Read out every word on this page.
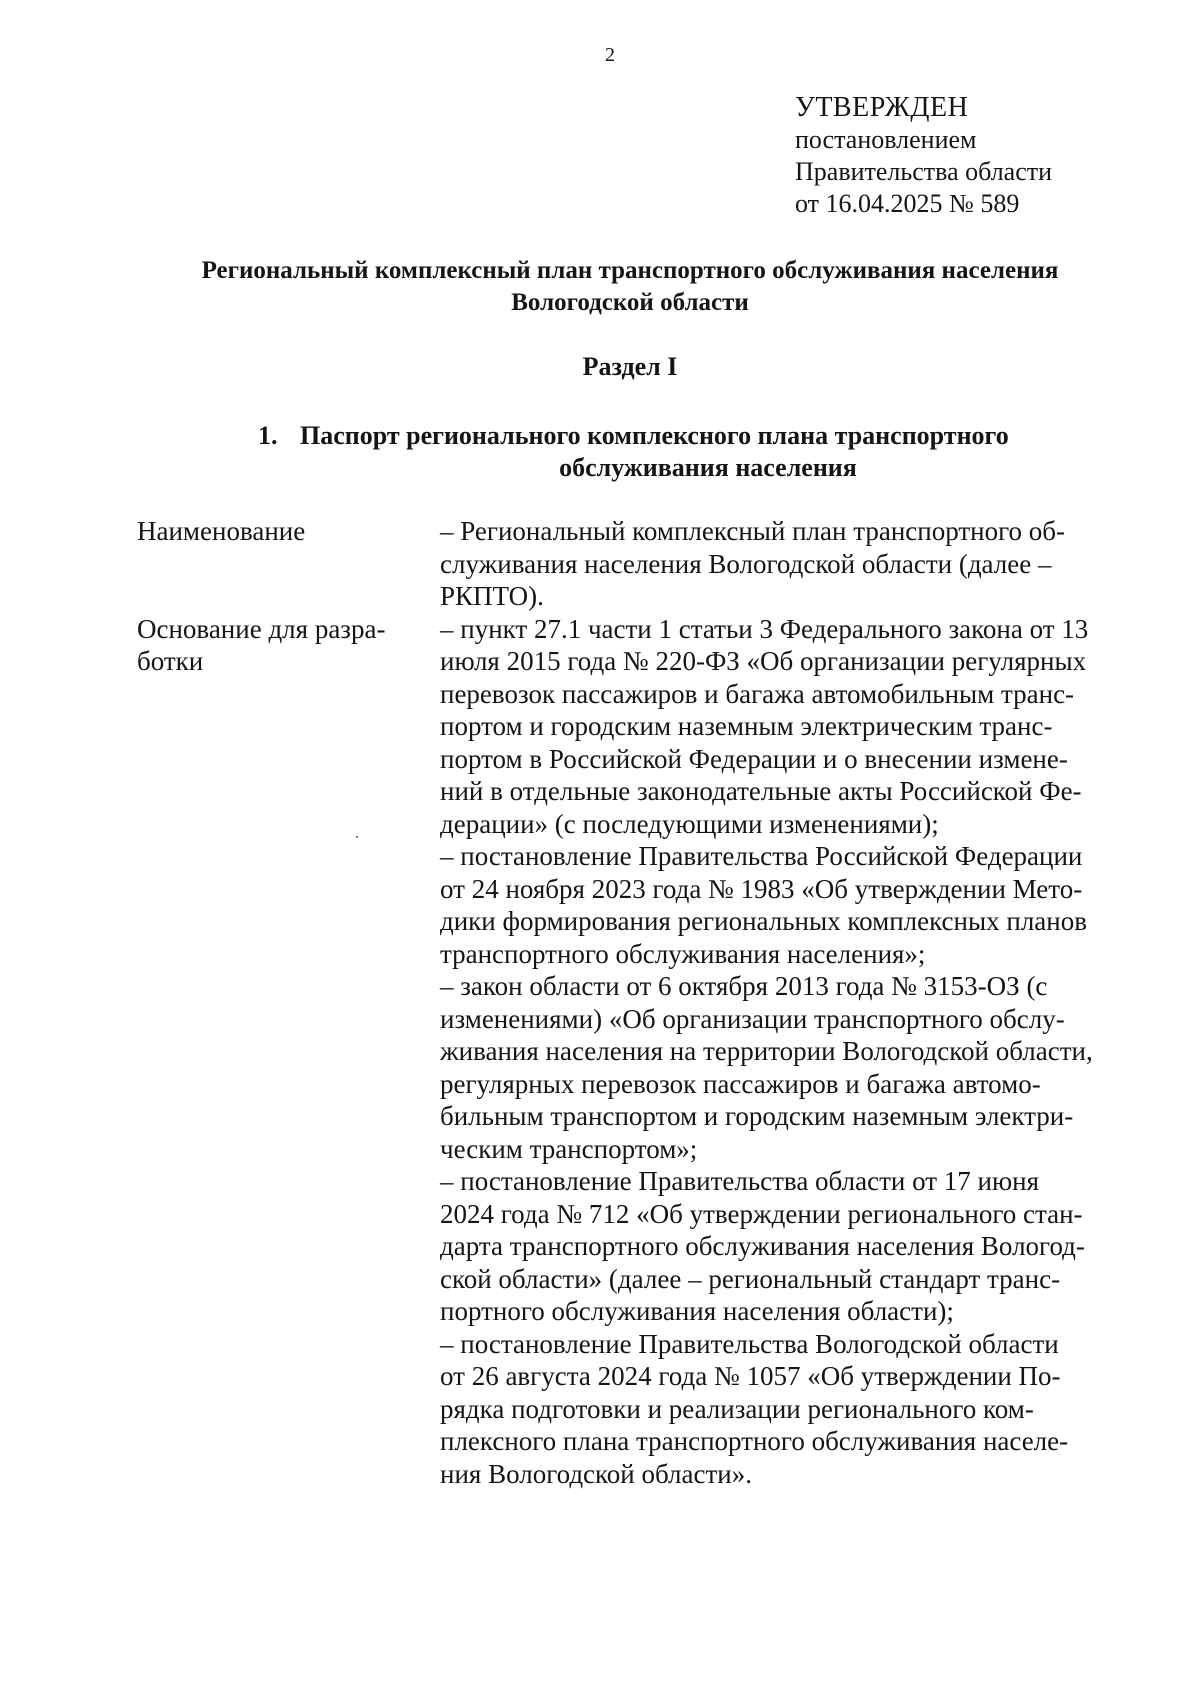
2
УТВЕРЖДЕН
постановлением
Правительства области
от 16.04.2025 № 589
Региональный комплексный план транспортного обслуживания населения
Вологодской области
Раздел I
1. Паспорт регионального комплексного плана транспортного
обслуживания населения
Наименование	– Региональный комплексный план транспортного об-
служивания населения Вологодской области (далее –
РКПТО).
Основание для разра-
ботки
– пункт 27.1 части 1 статьи 3 Федерального закона от 13
июля 2015 года № 220-ФЗ «Об организации регулярных
перевозок пассажиров и багажа автомобильным транс-
портом и городским наземным электрическим транс-
портом в Российской Федерации и о внесении измене-
ний в отдельные законодательные акты Российской Фе-
дерации» (с последующими изменениями);
– постановление Правительства Российской Федерации
от 24 ноября 2023 года № 1983 «Об утверждении Мето-
дики формирования региональных комплексных планов
транспортного обслуживания населения»;
– закон области от 6 октября 2013 года № 3153-ОЗ (с
изменениями) «Об организации транспортного обслу-
живания населения на территории Вологодской области,
регулярных перевозок пассажиров и багажа автомо-
бильным транспортом и городским наземным электри-
ческим транспортом»;
– постановление Правительства области от 17 июня
2024 года № 712 «Об утверждении регионального стан-
дарта транспортного обслуживания населения Вологод-
ской области» (далее – региональный стандарт транс-
портного обслуживания населения области);
– постановление Правительства Вологодской области
от 26 августа 2024 года № 1057 «Об утверждении По-
рядка подготовки и реализации регионального ком-
плексного плана транспортного обслуживания населе-
ния Вологодской области».
